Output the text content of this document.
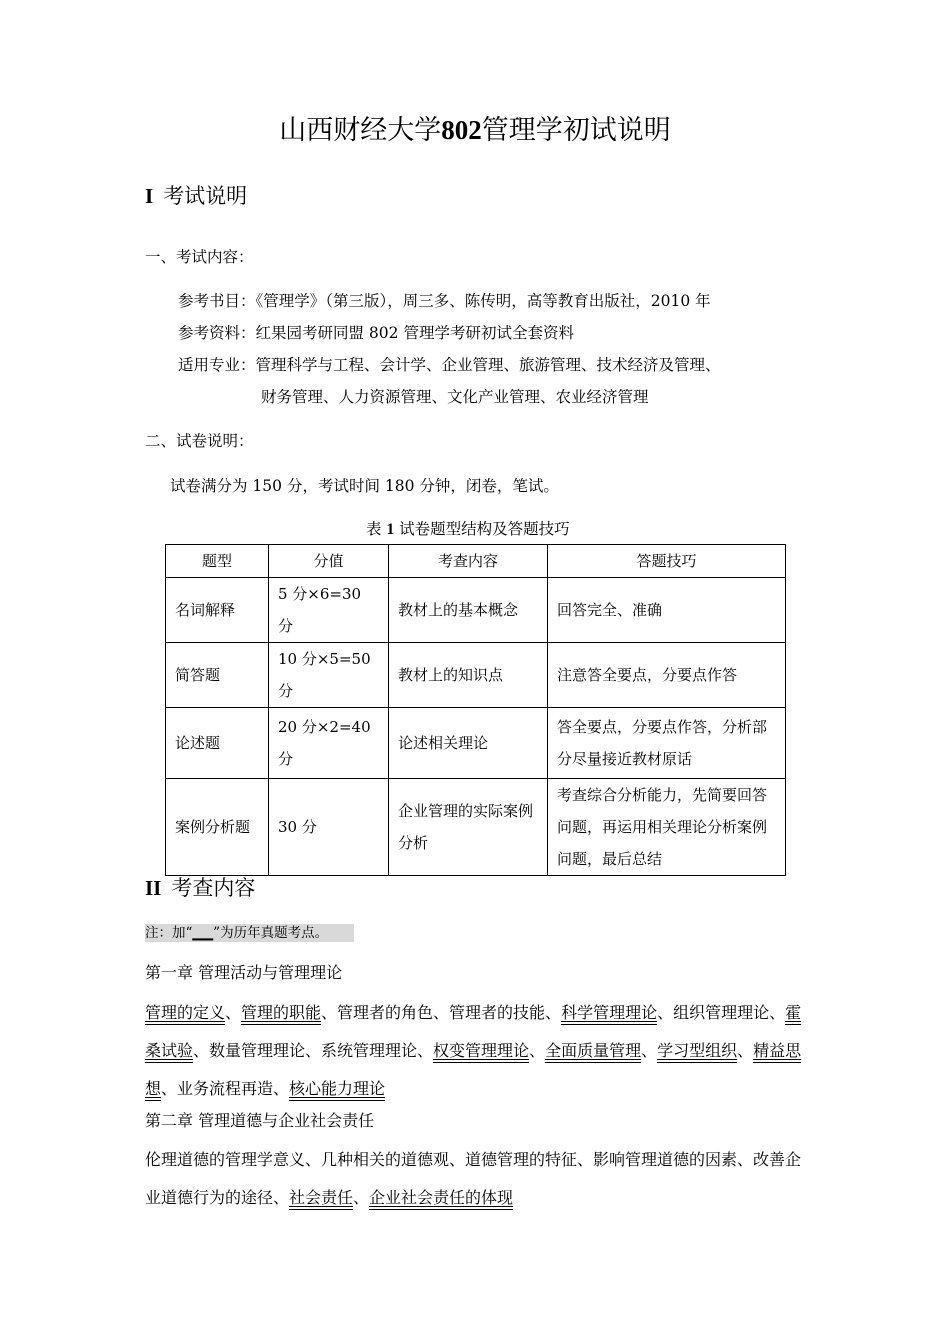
山西财经大学802管理学初试说明
I 考试说明
一、考试内容：
参考书目：《管理学》（第三版），周三多、陈传明，高等教育出版社，2010 年
参考资料：红果园考研同盟 802 管理学考研初试全套资料
适用专业：管理科学与工程、会计学、企业管理、旅游管理、技术经济及管理、
财务管理、人力资源管理、文化产业管理、农业经济管理
二、试卷说明：
试卷满分为 150 分，考试时间 180 分钟，闭卷，笔试。
表 1 试卷题型结构及答题技巧
题型	分值	考查内容	答题技巧
名词解释	5 分×6=30 分	教材上的基本概念	回答完全、准确
简答题	10 分×5=50 分	教材上的知识点	注意答全要点，分要点作答
论述题	20 分×2=40 分	论述相关理论	答全要点，分要点作答，分析部分尽量接近教材原话
案例分析题	30 分	企业管理的实际案例分析	考查综合分析能力，先简要回答问题，再运用相关理论分析案例问题，最后总结
II 考查内容
注：加“▁▁”为历年真题考点。
第一章 管理活动与管理理论
管理的定义、管理的职能、管理者的角色、管理者的技能、科学管理理论、组织管理理论、霍桑试验、数量管理理论、系统管理理论、权变管理理论、全面质量管理、学习型组织、精益思想、业务流程再造、核心能力理论
第二章 管理道德与企业社会责任
伦理道德的管理学意义、几种相关的道德观、道德管理的特征、影响管理道德的因素、改善企业道德行为的途径、社会责任、企业社会责任的体现
